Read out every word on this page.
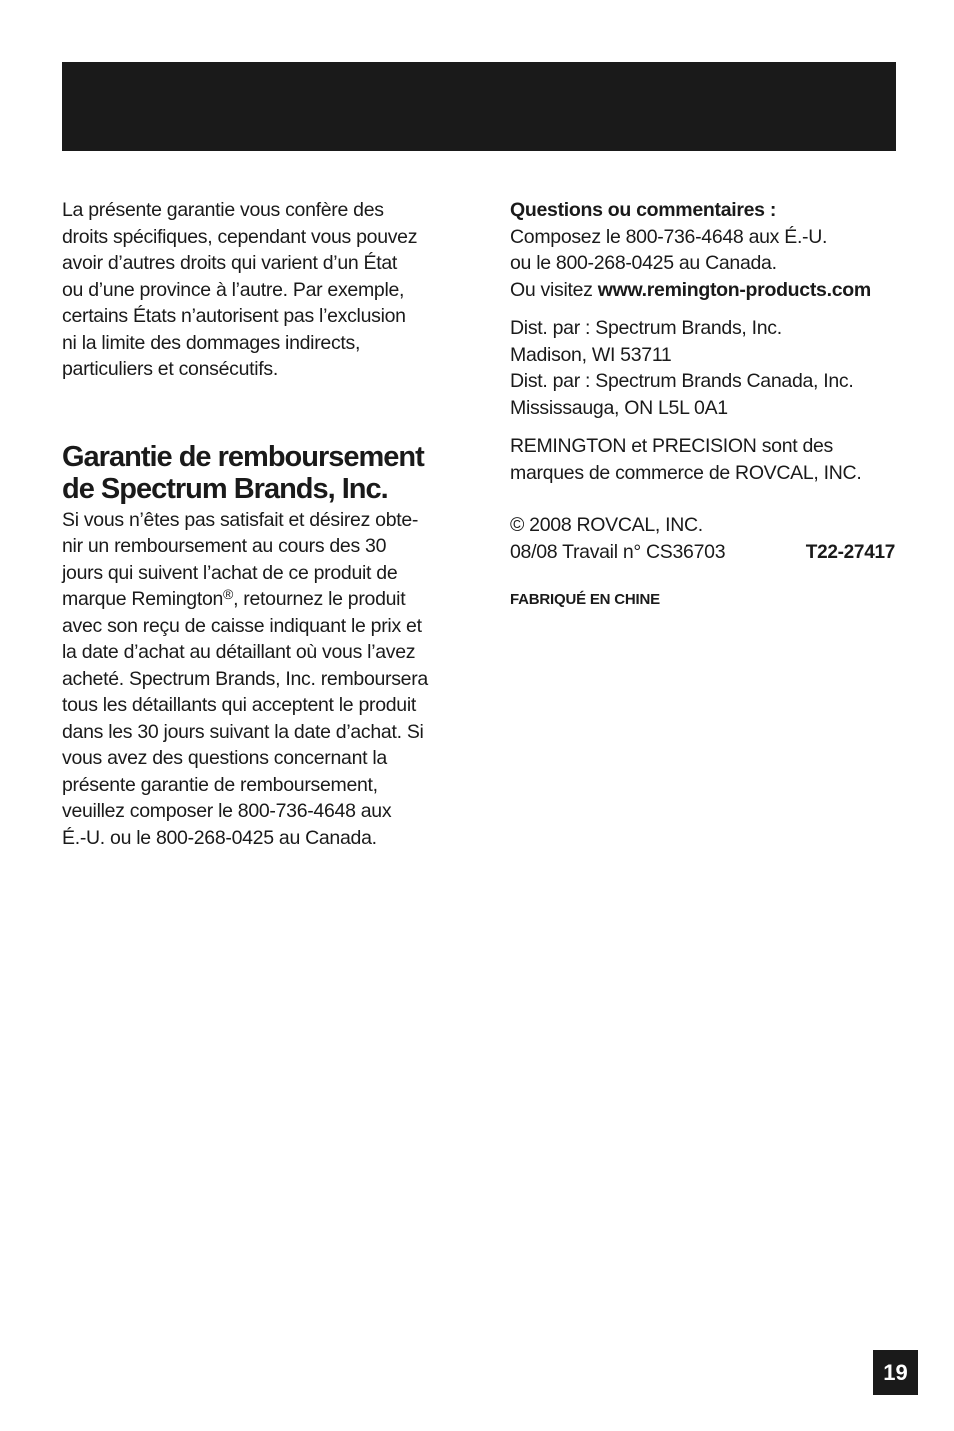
La présente garantie vous confère des
droits spécifiques, cependant vous pouvez
avoir d’autres droits qui varient d’un État
ou d’une province à l’autre. Par exemple,
certains États n’autorisent pas l’exclusion
ni la limite des dommages indirects,
particuliers et consécutifs.

Garantie de remboursement
de Spectrum Brands, Inc.

Si vous n’êtes pas satisfait et désirez obte-
nir un remboursement au cours des 30
jours qui suivent l’achat de ce produit de
marque Remington®, retournez le produit
avec son reçu de caisse indiquant le prix et
la date d’achat au détaillant où vous l’avez
acheté. Spectrum Brands, Inc. remboursera
tous les détaillants qui acceptent le produit
dans les 30 jours suivant la date d’achat. Si
vous avez des questions concernant la
présente garantie de remboursement,
veuillez composer le 800-736-4648 aux
É.-U. ou le 800-268-0425 au Canada.

Questions ou commentaires :
Composez le 800-736-4648 aux É.-U.
ou le 800-268-0425 au Canada.
Ou visitez www.remington-products.com

Dist. par : Spectrum Brands, Inc.
Madison, WI 53711
Dist. par : Spectrum Brands Canada, Inc.
Mississauga, ON L5L 0A1

REMINGTON et PRECISION sont des
marques de commerce de ROVCAL, INC.

© 2008 ROVCAL, INC.
08/08 Travail n° CS36703	T22-27417

FABRIQUÉ EN CHINE

19
